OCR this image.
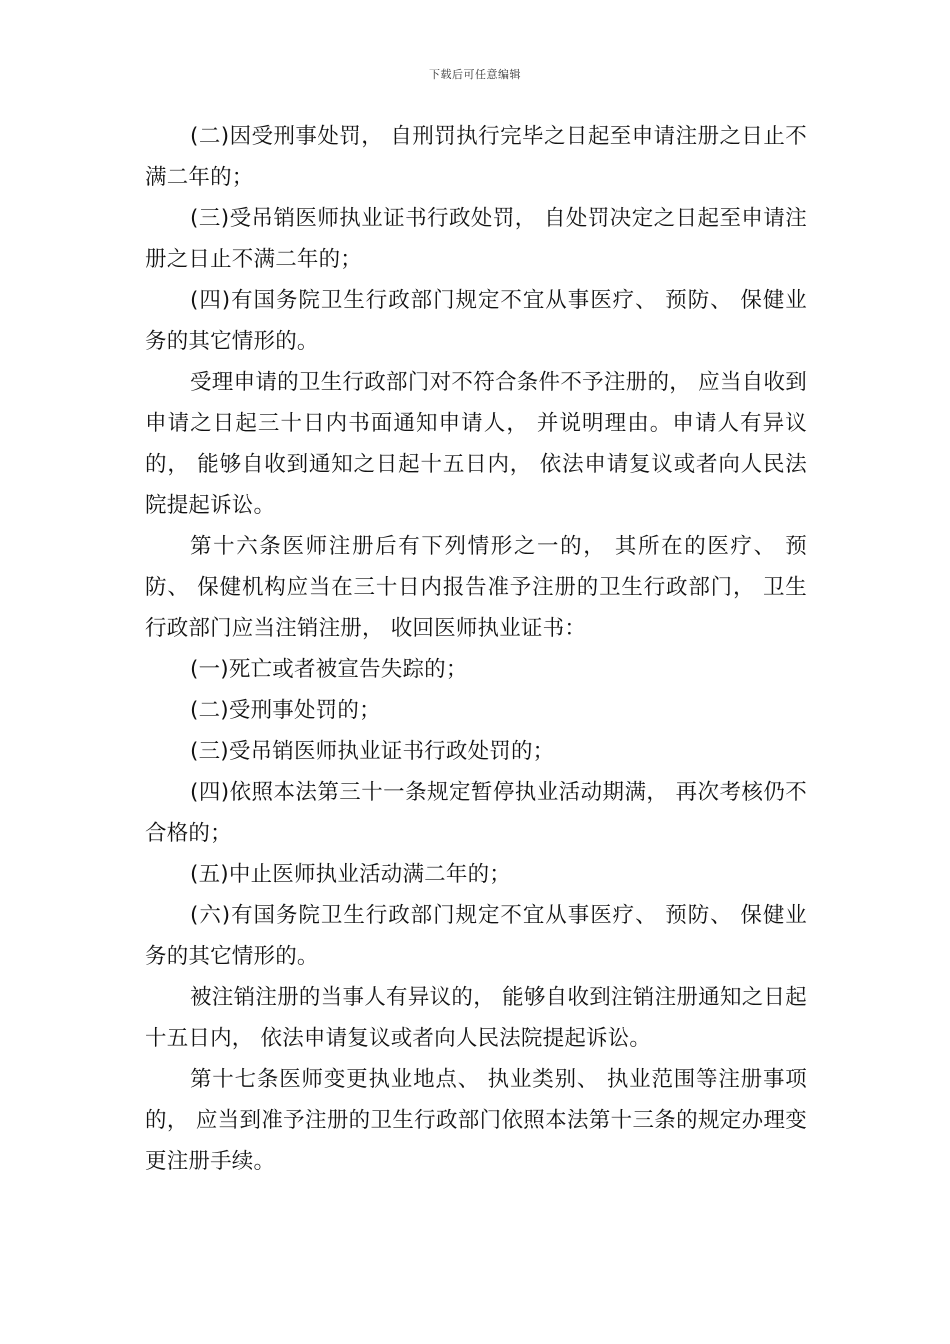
下载后可任意编辑

(二)因受刑事处罚， 自刑罚执行完毕之日起至申请注册之日止不满二年的；

(三)受吊销医师执业证书行政处罚， 自处罚决定之日起至申请注册之日止不满二年的；

(四)有国务院卫生行政部门规定不宜从事医疗、 预防、 保健业务的其它情形的。

受理申请的卫生行政部门对不符合条件不予注册的， 应当自收到申请之日起三十日内书面通知申请人， 并说明理由。申请人有异议的， 能够自收到通知之日起十五日内， 依法申请复议或者向人民法院提起诉讼。

第十六条医师注册后有下列情形之一的， 其所在的医疗、 预防、 保健机构应当在三十日内报告准予注册的卫生行政部门， 卫生行政部门应当注销注册， 收回医师执业证书：

(一)死亡或者被宣告失踪的；

(二)受刑事处罚的；

(三)受吊销医师执业证书行政处罚的；

(四)依照本法第三十一条规定暂停执业活动期满， 再次考核仍不合格的；

(五)中止医师执业活动满二年的；

(六)有国务院卫生行政部门规定不宜从事医疗、 预防、 保健业务的其它情形的。

被注销注册的当事人有异议的， 能够自收到注销注册通知之日起十五日内， 依法申请复议或者向人民法院提起诉讼。

第十七条医师变更执业地点、 执业类别、 执业范围等注册事项的， 应当到准予注册的卫生行政部门依照本法第十三条的规定办理变更注册手续。
